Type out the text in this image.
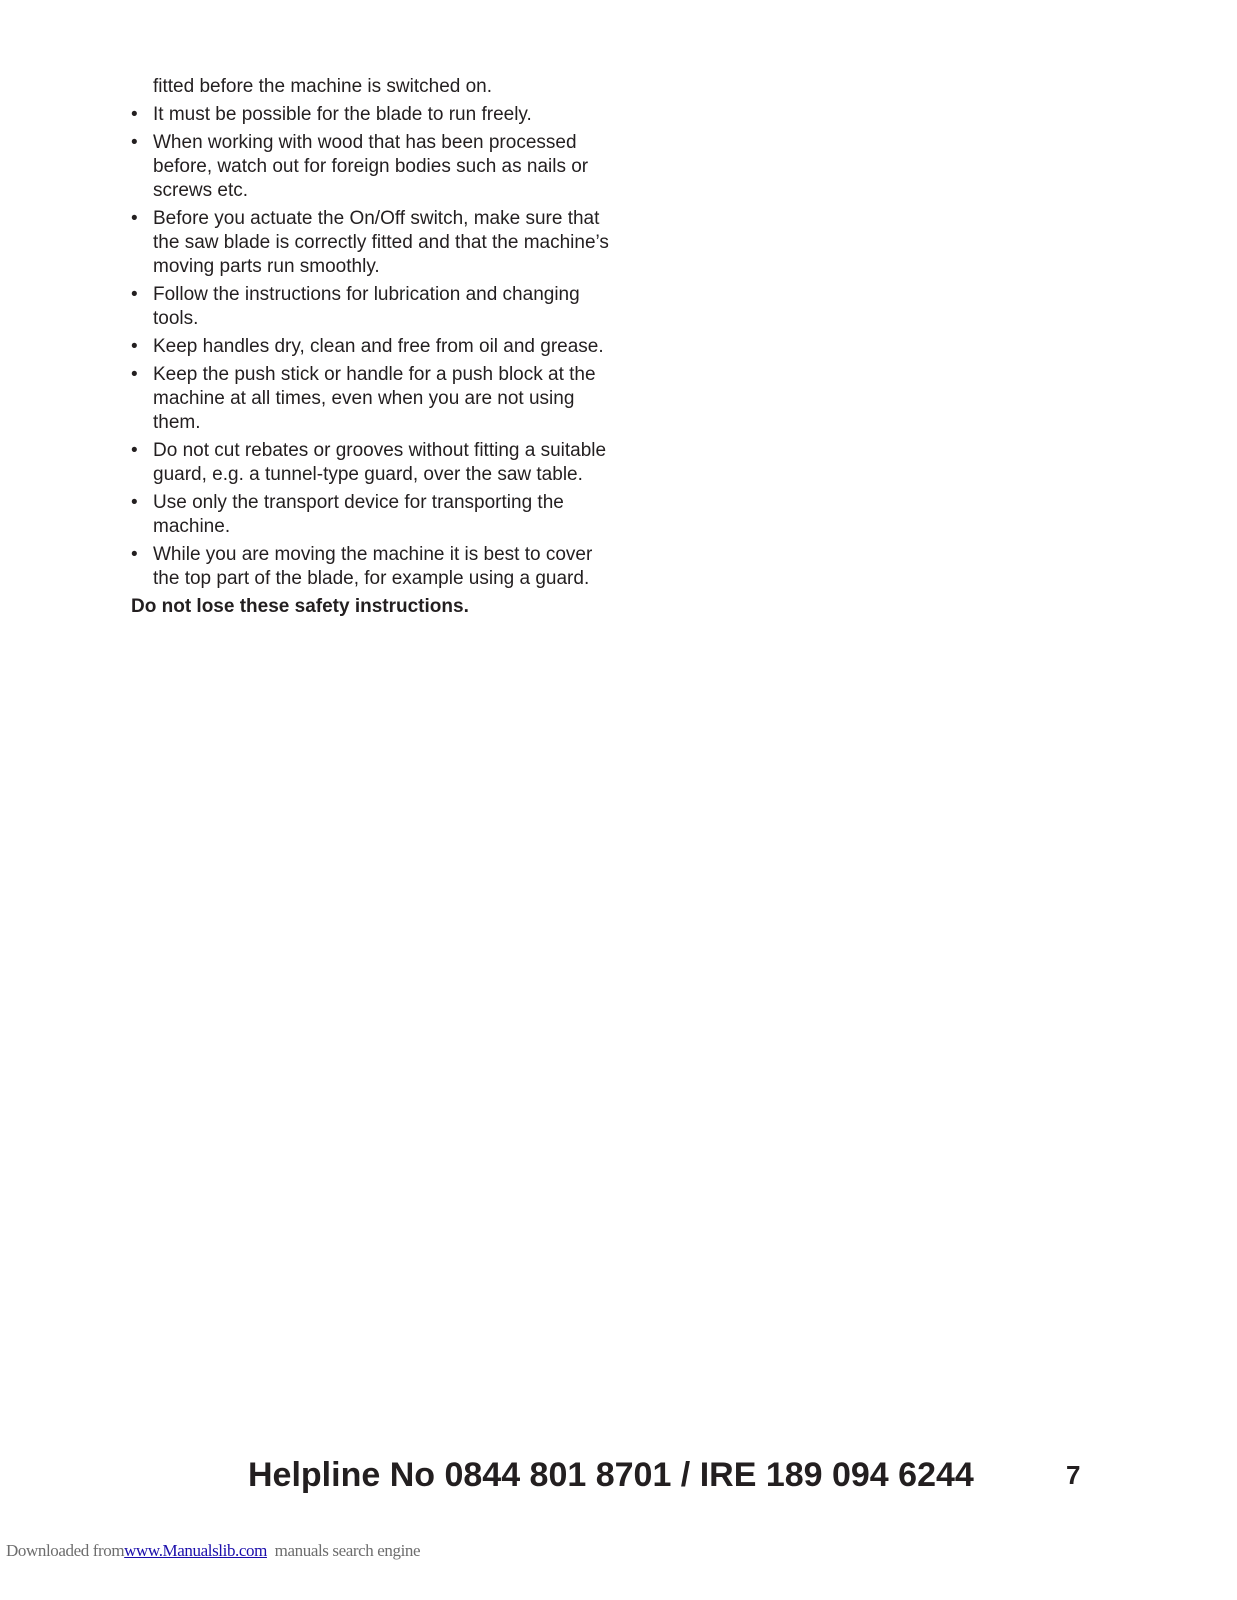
fitted before the machine is switched on.

• It must be possible for the blade to run freely.
• When working with wood that has been processed before, watch out for foreign bodies such as nails or screws etc.
• Before you actuate the On/Off switch, make sure that the saw blade is correctly fitted and that the machine’s moving parts run smoothly.
• Follow the instructions for lubrication and changing tools.
• Keep handles dry, clean and free from oil and grease.
• Keep the push stick or handle for a push block at the machine at all times, even when you are not using them.
• Do not cut rebates or grooves without fitting a suitable guard, e.g. a tunnel-type guard, over the saw table.
• Use only the transport device for transporting the machine.
• While you are moving the machine it is best to cover the top part of the blade, for example using a guard.

Do not lose these safety instructions.

Helpline No 0844 801 8701 / IRE 189 094 6244	7
Downloaded fromwww.Manualslib.com manuals search engine
